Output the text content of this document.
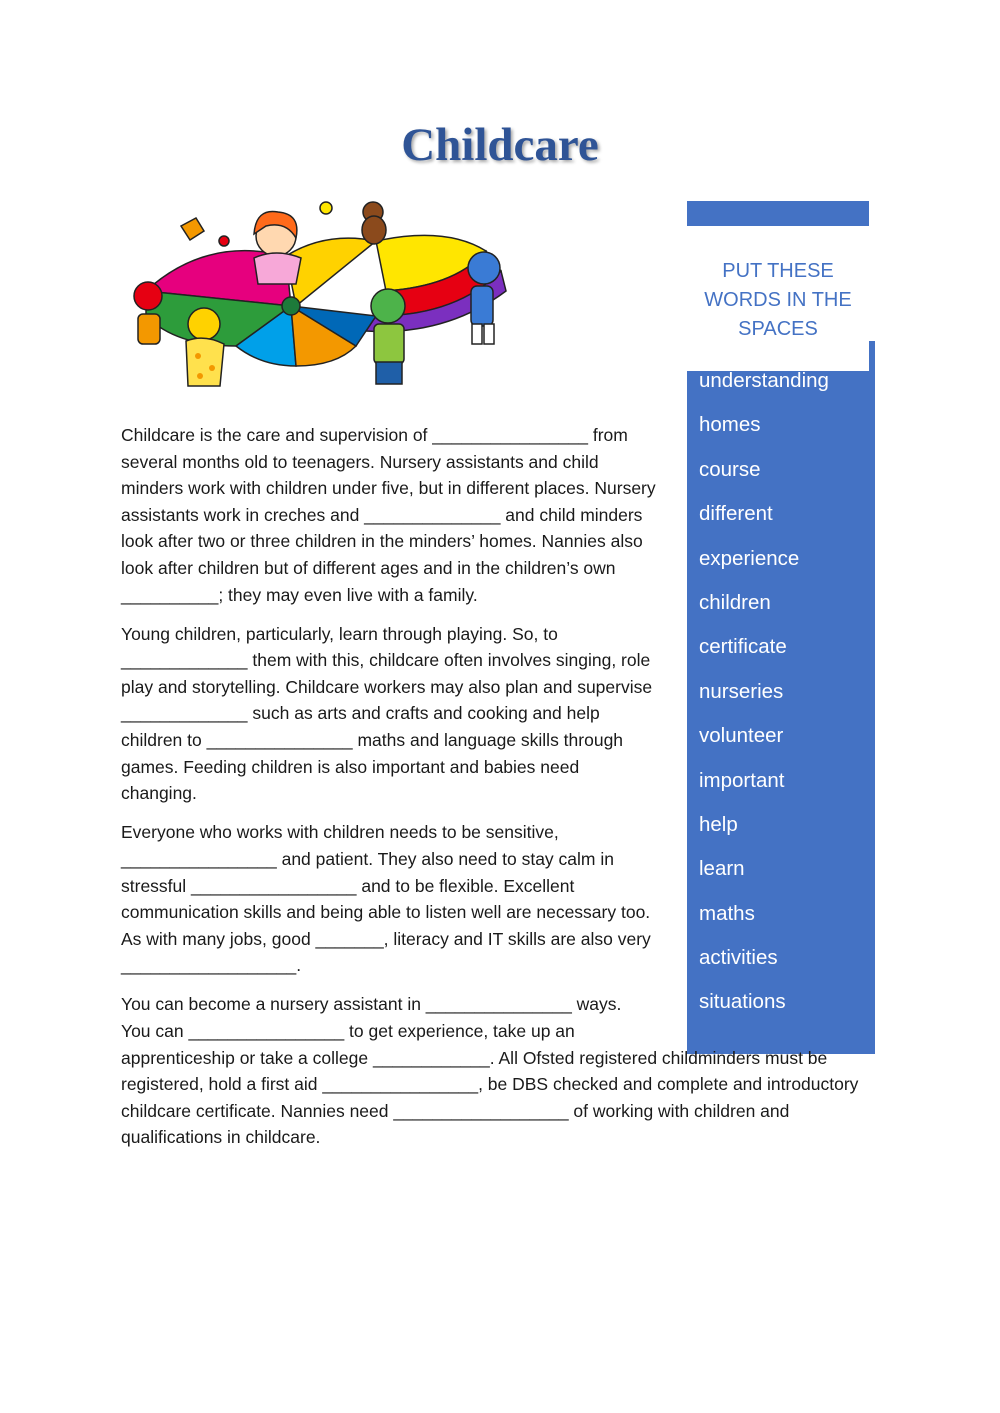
Childcare
PUT THESE WORDS IN THE SPACES
understanding
homes
course
different
experience
children
certificate
nurseries
volunteer
important
help
learn
maths
activities
situations

Childcare is the care and supervision of ________________ from several months old to teenagers. Nursery assistants and child minders work with children under five, but in different places. Nursery assistants work in creches and ______________ and child minders look after two or three children in the minders’ homes. Nannies also look after children but of different ages and in the children’s own __________; they may even live with a family.

Young children, particularly, learn through playing. So, to _____________ them with this, childcare often involves singing, role play and storytelling. Childcare workers may also plan and supervise _____________ such as arts and crafts and cooking and help children to _______________ maths and language skills through games. Feeding children is also important and babies need changing.

Everyone who works with children needs to be sensitive, ________________ and patient. They also need to stay calm in stressful _________________ and to be flexible. Excellent communication skills and being able to listen well are necessary too. As with many jobs, good _______, literacy and IT skills are also very __________________.

You can become a nursery assistant in _______________ ways.
You can ________________ to get experience, take up an

apprenticeship or take a college ____________. All Ofsted registered childminders must be registered, hold a first aid ________________, be DBS checked and complete and introductory childcare certificate. Nannies need __________________ of working with children and qualifications in childcare.
